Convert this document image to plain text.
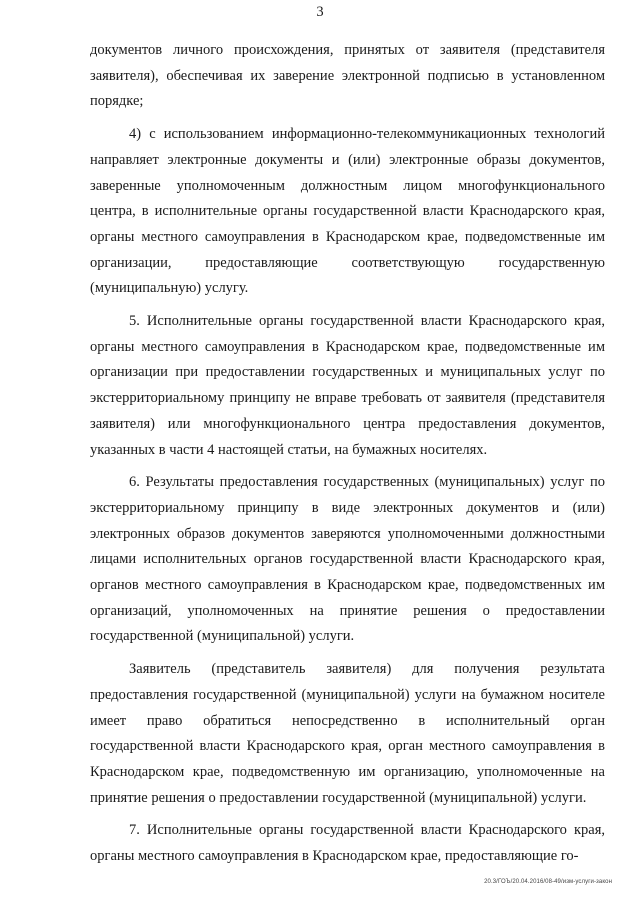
3

документов личного происхождения, принятых от заявителя (представителя заявителя), обеспечивая их заверение электронной подписью в установленном порядке;

4) с использованием информационно-телекоммуникационных технологий направляет электронные документы и (или) электронные образы документов, заверенные уполномоченным должностным лицом многофункционального центра, в исполнительные органы государственной власти Краснодарского края, органы местного самоуправления в Краснодарском крае, подведомственные им организации, предоставляющие соответствующую государственную (муниципальную) услугу.

5. Исполнительные органы государственной власти Краснодарского края, органы местного самоуправления в Краснодарском крае, подведомственные им организации при предоставлении государственных и муниципальных услуг по экстерриториальному принципу не вправе требовать от заявителя (представителя заявителя) или многофункционального центра предоставления документов, указанных в части 4 настоящей статьи, на бумажных носителях.

6. Результаты предоставления государственных (муниципальных) услуг по экстерриториальному принципу в виде электронных документов и (или) электронных образов документов заверяются уполномоченными должностными лицами исполнительных органов государственной власти Краснодарского края, органов местного самоуправления в Краснодарском крае, подведомственных им организаций, уполномоченных на принятие решения о предоставлении государственной (муниципальной) услуги.

Заявитель (представитель заявителя) для получения результата предоставления государственной (муниципальной) услуги на бумажном носителе имеет право обратиться непосредственно в исполнительный орган государственной власти Краснодарского края, орган местного самоуправления в Краснодарском крае, подведомственную им организацию, уполномоченные на принятие решения о предоставлении государственной (муниципальной) услуги.

7. Исполнительные органы государственной власти Краснодарского края, органы местного самоуправления в Краснодарском крае, предоставляющие го-

20.3/ГОЪ/20.04.2016/08-49/изм-услуги-закон
